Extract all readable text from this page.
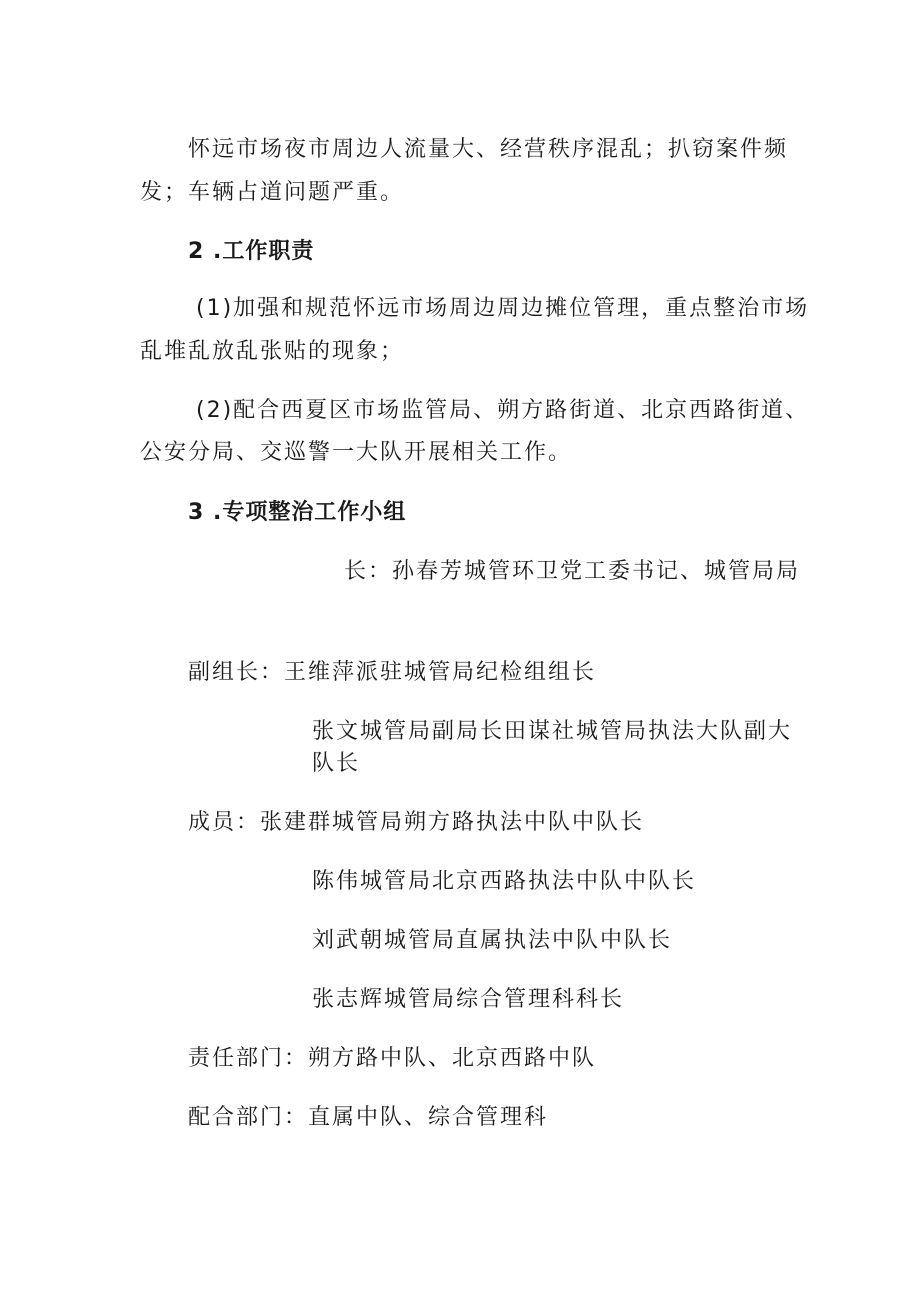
怀远市场夜市周边人流量大、经营秩序混乱；扒窃案件频
发；车辆占道问题严重。
2 .工作职责
(1)加强和规范怀远市场周边周边摊位管理，重点整治市场
乱堆乱放乱张贴的现象；
(2)配合西夏区市场监管局、朔方路街道、北京西路街道、
公安分局、交巡警一大队开展相关工作。
3 .专项整治工作小组
长：孙春芳城管环卫党工委书记、城管局局
副组长：王维萍派驻城管局纪检组组长
张文城管局副局长田谋社城管局执法大队副大
队长
成员：张建群城管局朔方路执法中队中队长
陈伟城管局北京西路执法中队中队长
刘武朝城管局直属执法中队中队长
张志辉城管局综合管理科科长
责任部门：朔方路中队、北京西路中队
配合部门：直属中队、综合管理科
